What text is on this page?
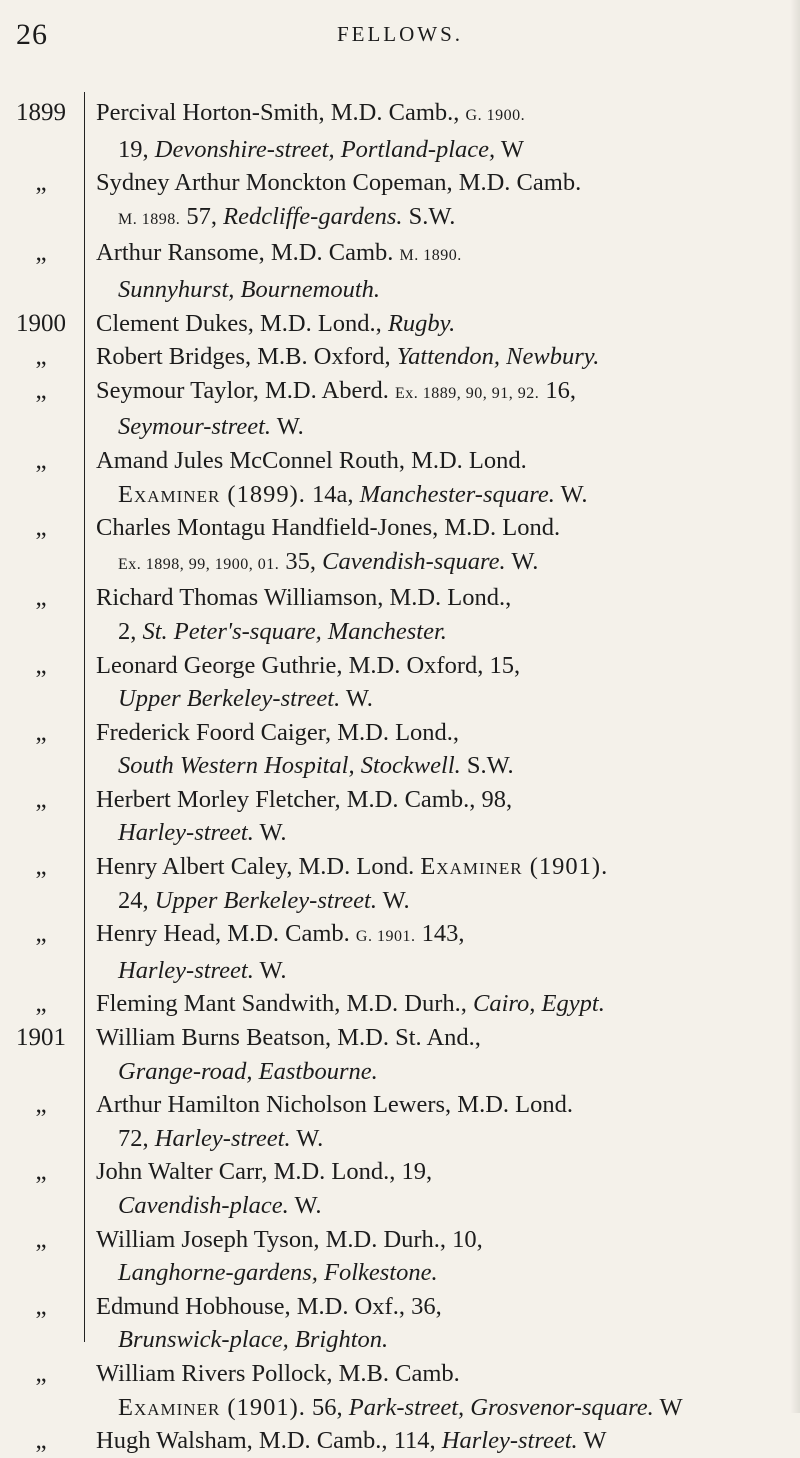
26	FELLOWS.
1899	Percival Horton-Smith, M.D. Camb., G. 1900.
19, Devonshire-street, Portland-place, W
„	Sydney Arthur Monckton Copeman, M.D. Camb.
M. 1898. 57, Redcliffe-gardens. S.W.
„	Arthur Ransome, M.D. Camb. M. 1890.
Sunnyhurst, Bournemouth.
1900	Clement Dukes, M.D. Lond., Rugby.
„	Robert Bridges, M.B. Oxford, Yattendon, Newbury.
„	Seymour Taylor, M.D. Aberd. Ex. 1889, 90, 91, 92. 16,
Seymour-street. W.
„	Amand Jules McConnel Routh, M.D. Lond.
Examiner (1899). 14a, Manchester-square. W.
„	Charles Montagu Handfield-Jones, M.D. Lond.
Ex. 1898, 99, 1900, 01. 35, Cavendish-square. W.
„	Richard Thomas Williamson, M.D. Lond.,
2, St. Peter's-square, Manchester.
„	Leonard George Guthrie, M.D. Oxford, 15,
Upper Berkeley-street. W.
„	Frederick Foord Caiger, M.D. Lond.,
South Western Hospital, Stockwell. S.W.
„	Herbert Morley Fletcher, M.D. Camb., 98,
Harley-street. W.
„	Henry Albert Caley, M.D. Lond. Examiner (1901).
24, Upper Berkeley-street. W.
„	Henry Head, M.D. Camb. G. 1901. 143,
Harley-street. W.
„	Fleming Mant Sandwith, M.D. Durh., Cairo, Egypt.
1901	William Burns Beatson, M.D. St. And.,
Grange-road, Eastbourne.
„	Arthur Hamilton Nicholson Lewers, M.D. Lond.
72, Harley-street. W.
„	John Walter Carr, M.D. Lond., 19,
Cavendish-place. W.
„	William Joseph Tyson, M.D. Durh., 10,
Langhorne-gardens, Folkestone.
„	Edmund Hobhouse, M.D. Oxf., 36,
Brunswick-place, Brighton.
„	William Rivers Pollock, M.B. Camb.
Examiner (1901). 56, Park-street, Grosvenor-square. W
„	Hugh Walsham, M.D. Camb., 114, Harley-street. W
